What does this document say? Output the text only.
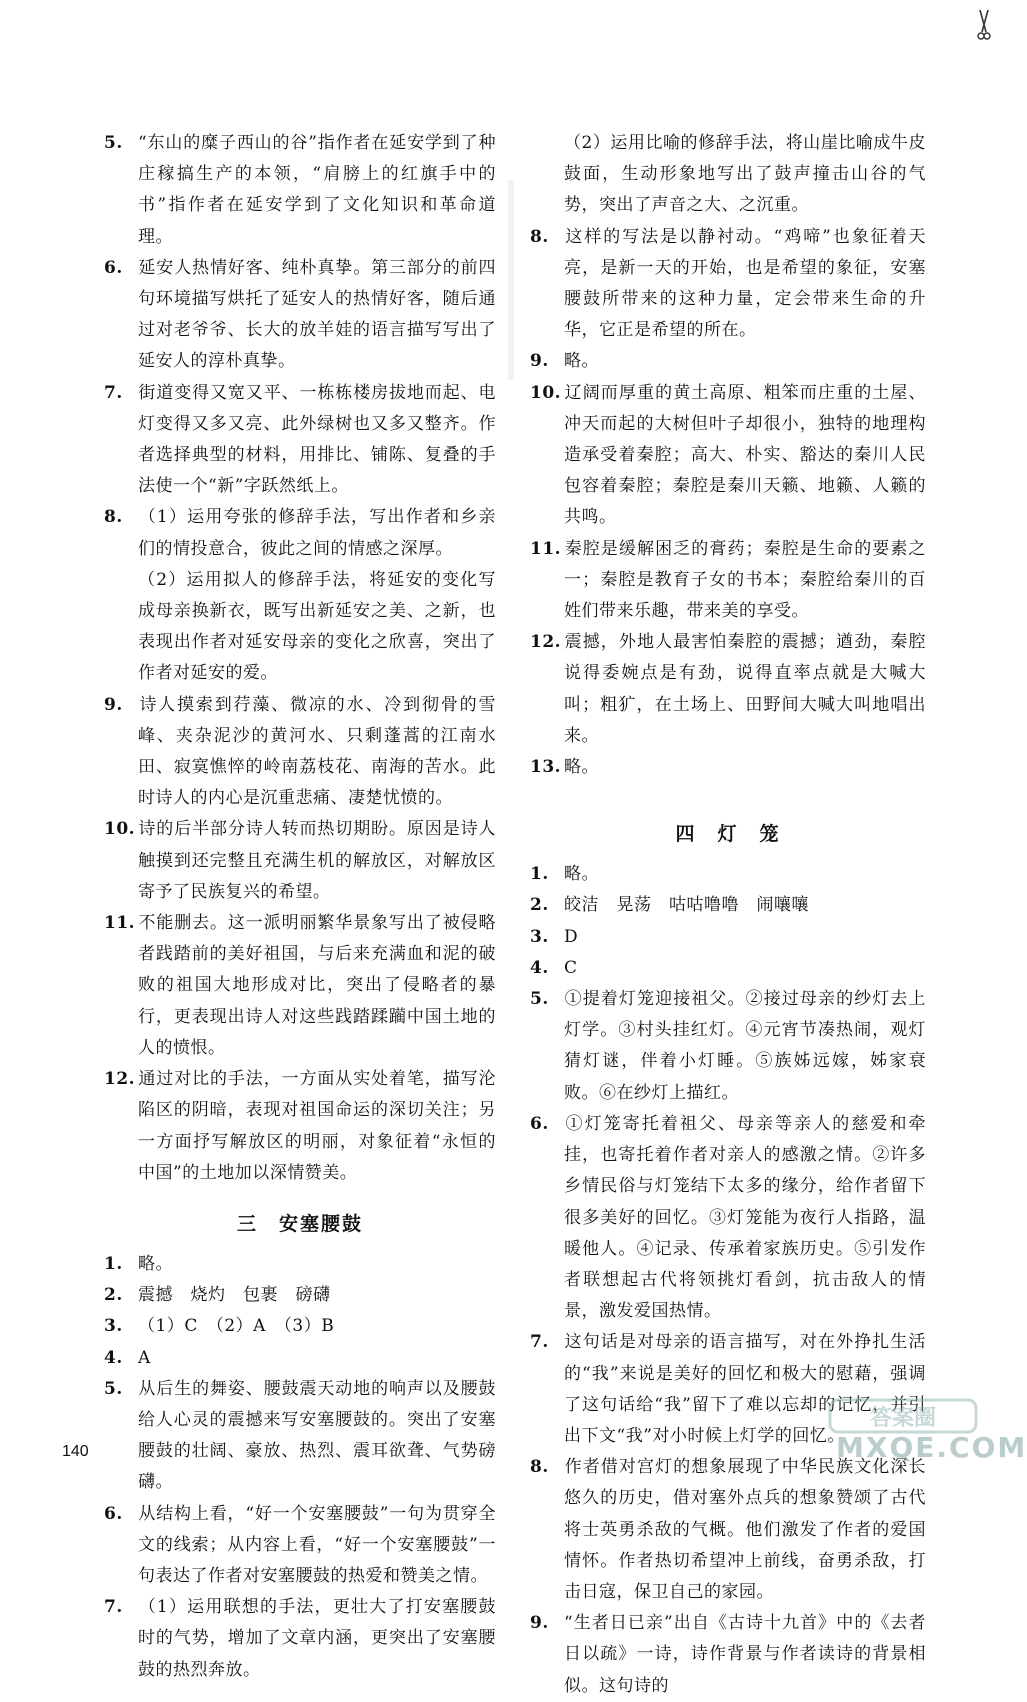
5. “东山的糜子西山的谷”指作者在延安学到了种庄稼搞生产的本领，“肩膀上的红旗手中的书”指作者在延安学到了文化知识和革命道理。

6. 延安人热情好客、纯朴真挚。第三部分的前四句环境描写烘托了延安人的热情好客，随后通过对老爷爷、长大的放羊娃的语言描写写出了延安人的淳朴真挚。

7. 街道变得又宽又平、一栋栋楼房拔地而起、电灯变得又多又亮、此外绿树也又多又整齐。作者选择典型的材料，用排比、铺陈、复叠的手法使一个“新”字跃然纸上。

8. （1）运用夸张的修辞手法，写出作者和乡亲们的情投意合，彼此之间的情感之深厚。

（2）运用拟人的修辞手法，将延安的变化写成母亲换新衣，既写出新延安之美、之新，也表现出作者对延安母亲的变化之欣喜，突出了作者对延安的爱。

9. 诗人摸索到荇藻、微凉的水、冷到彻骨的雪峰、夹杂泥沙的黄河水、只剩蓬蒿的江南水田、寂寞憔悴的岭南荔枝花、南海的苦水。此时诗人的内心是沉重悲痛、凄楚忧愤的。

10. 诗的后半部分诗人转而热切期盼。原因是诗人触摸到还完整且充满生机的解放区，对解放区寄予了民族复兴的希望。

11. 不能删去。这一派明丽繁华景象写出了被侵略者践踏前的美好祖国，与后来充满血和泥的破败的祖国大地形成对比，突出了侵略者的暴行，更表现出诗人对这些践踏蹂躏中国土地的人的愤恨。

12. 通过对比的手法，一方面从实处着笔，描写沦陷区的阴暗，表现对祖国命运的深切关注；另一方面抒写解放区的明丽，对象征着“永恒的中国”的土地加以深情赞美。

三　安塞腰鼓

1. 略。

2. 震撼　烧灼　包裹　磅礴

3. （1）C　（2）A　（3）B

4. A

5. 从后生的舞姿、腰鼓震天动地的响声以及腰鼓给人心灵的震撼来写安塞腰鼓的。突出了安塞腰鼓的壮阔、豪放、热烈、震耳欲聋、气势磅礴。

6. 从结构上看，“好一个安塞腰鼓”一句为贯穿全文的线索；从内容上看，“好一个安塞腰鼓”一句表达了作者对安塞腰鼓的热爱和赞美之情。

7. （1）运用联想的手法，更壮大了打安塞腰鼓时的气势，增加了文章内涵，更突出了安塞腰鼓的热烈奔放。

（2）运用比喻的修辞手法，将山崖比喻成牛皮鼓面，生动形象地写出了鼓声撞击山谷的气势，突出了声音之大、之沉重。

8. 这样的写法是以静衬动。“鸡啼”也象征着天亮，是新一天的开始，也是希望的象征，安塞腰鼓所带来的这种力量，定会带来生命的升华，它正是希望的所在。

9. 略。

10. 辽阔而厚重的黄土高原、粗笨而庄重的土屋、冲天而起的大树但叶子却很小，独特的地理构造承受着秦腔；高大、朴实、豁达的秦川人民包容着秦腔；秦腔是秦川天籁、地籁、人籁的共鸣。

11. 秦腔是缓解困乏的膏药；秦腔是生命的要素之一；秦腔是教育子女的书本；秦腔给秦川的百姓们带来乐趣，带来美的享受。

12. 震撼，外地人最害怕秦腔的震撼；遒劲，秦腔说得委婉点是有劲，说得直率点就是大喊大叫；粗犷，在土场上、田野间大喊大叫地唱出来。

13. 略。

四　灯　笼

1. 略。

2. 皎洁　晃荡　咕咕噜噜　闹嚷嚷

3. D

4. C

5. ①提着灯笼迎接祖父。②接过母亲的纱灯去上灯学。③村头挂红灯。④元宵节凑热闹，观灯猜灯谜，伴着小灯睡。⑤族姊远嫁，姊家衰败。⑥在纱灯上描红。

6. ①灯笼寄托着祖父、母亲等亲人的慈爱和牵挂，也寄托着作者对亲人的感激之情。②许多乡情民俗与灯笼结下太多的缘分，给作者留下很多美好的回忆。③灯笼能为夜行人指路，温暖他人。④记录、传承着家族历史。⑤引发作者联想起古代将领挑灯看剑，抗击敌人的情景，激发爱国热情。

7. 这句话是对母亲的语言描写，对在外挣扎生活的“我”来说是美好的回忆和极大的慰藉，强调了这句话给“我”留下了难以忘却的记忆，并引出下文“我”对小时候上灯学的回忆。

8. 作者借对宫灯的想象展现了中华民族文化深长悠久的历史，借对塞外点兵的想象赞颂了古代将士英勇杀敌的气概。他们激发了作者的爱国情怀。作者热切希望冲上前线，奋勇杀敌，打击日寇，保卫自己的家园。

9. “生者日已亲”出自《古诗十九首》中的《去者日以疏》一诗，诗作背景与作者读诗的背景相似。这句诗的

140
答案圈
MXQE.COM
